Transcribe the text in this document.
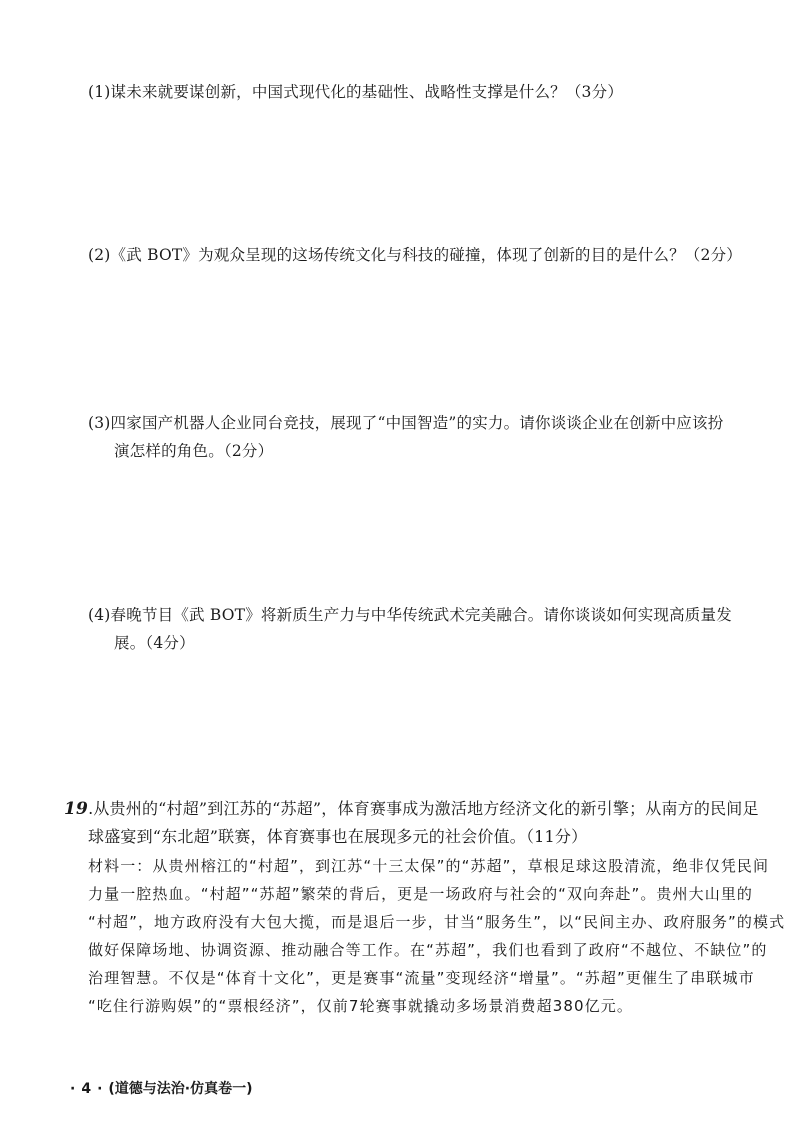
(1)谋未来就要谋创新，中国式现代化的基础性、战略性支撑是什么？（3分）
(2)《武 BOT》为观众呈现的这场传统文化与科技的碰撞，体现了创新的目的是什么？（2分）
(3)四家国产机器人企业同台竞技，展现了“中国智造”的实力。请你谈谈企业在创新中应该扮
演怎样的角色。（2分）
(4)春晚节目《武 BOT》将新质生产力与中华传统武术完美融合。请你谈谈如何实现高质量发
展。（4分）
19.从贵州的“村超”到江苏的“苏超”，体育赛事成为激活地方经济文化的新引擎；从南方的民间足
球盛宴到“东北超”联赛，体育赛事也在展现多元的社会价值。（11分）
材料一：从贵州榕江的“村超”，到江苏“十三太保”的“苏超”，草根足球这股清流，绝非仅凭民间
力量一腔热血。“村超”“苏超”繁荣的背后，更是一场政府与社会的“双向奔赴”。贵州大山里的
“村超”，地方政府没有大包大揽，而是退后一步，甘当“服务生”，以“民间主办、政府服务”的模式
做好保障场地、协调资源、推动融合等工作。在“苏超”，我们也看到了政府“不越位、不缺位”的
治理智慧。不仅是“体育十文化”，更是赛事“流量”变现经济“增量”。“苏超”更催生了串联城市
“吃住行游购娱”的“票根经济”，仅前7轮赛事就撬动多场景消费超380亿元。
· 4 · (道德与法治·仿真卷一)
